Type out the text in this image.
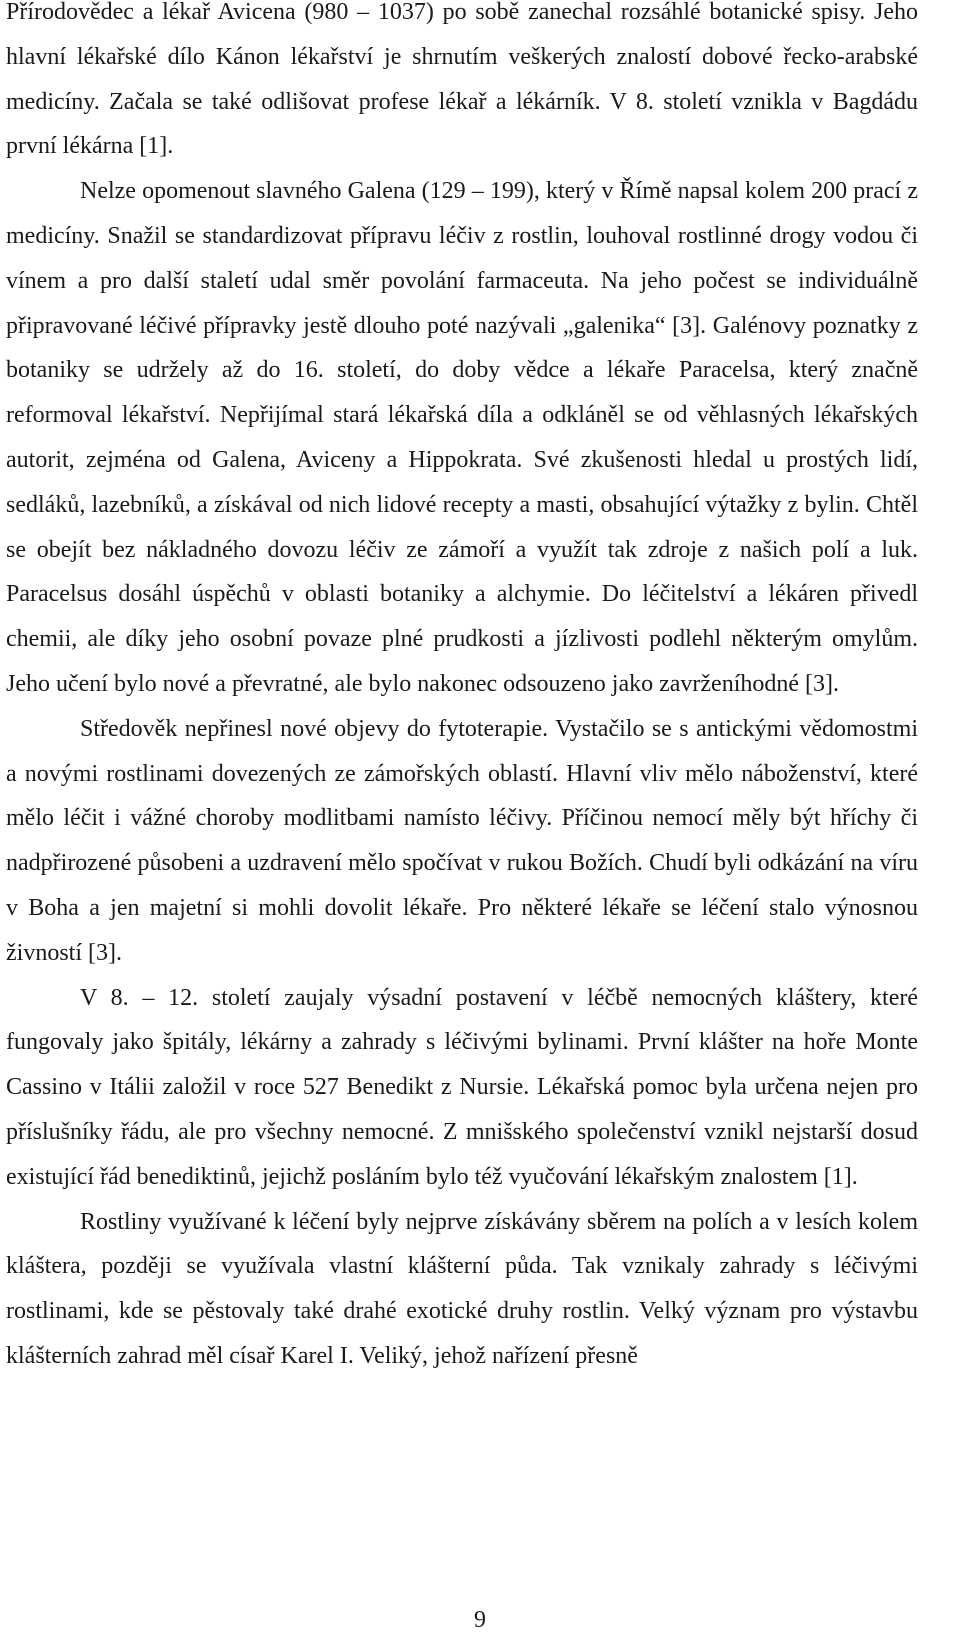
Přírodovědec a lékař Avicena (980 – 1037) po sobě zanechal rozsáhlé botanické spisy. Jeho hlavní lékařské dílo Kánon lékařství je shrnutím veškerých znalostí dobové řecko-arabské medicíny. Začala se také odlišovat profese lékař a lékárník. V 8. století vznikla v Bagdádu první lékárna [1].

Nelze opomenout slavného Galena (129 – 199), který v Římě napsal kolem 200 prací z medicíny. Snažil se standardizovat přípravu léčiv z rostlin, louhoval rostlinné drogy vodou či vínem a pro další staletí udal směr povolání farmaceuta. Na jeho počest se individuálně připravované léčivé přípravky jestě dlouho poté nazývali „galenika“ [3]. Galénovy poznatky z botaniky se udržely až do 16. století, do doby vědce a lékaře Paracelsa, který značně reformoval lékařství. Nepřijímal stará lékařská díla a odkláněl se od věhlasných lékařských autorit, zejména od Galena, Aviceny a Hippokrata. Své zkušenosti hledal u prostých lidí, sedláků, lazebníků, a získával od nich lidové recepty a masti, obsahující výtažky z bylin. Chtěl se obejít bez nákladného dovozu léčiv ze zámoří a využít tak zdroje z našich polí a luk. Paracelsus dosáhl úspěchů v oblasti botaniky a alchymie. Do léčitelství a lékáren přivedl chemii, ale díky jeho osobní povaze plné prudkosti a jízlivosti podlehl některým omylům. Jeho učení bylo nové a převratné, ale bylo nakonec odsouzeno jako zavrženíhodné [3].

Středověk nepřinesl nové objevy do fytoterapie. Vystačilo se s antickými vědomostmi a novými rostlinami dovezených ze zámořských oblastí. Hlavní vliv mělo náboženství, které mělo léčit i vážné choroby modlitbami namísto léčivy. Příčinou nemocí měly být hříchy či nadpřirozené působeni a uzdravení mělo spočívat v rukou Božích. Chudí byli odkázání na víru v Boha a jen majetní si mohli dovolit lékaře. Pro některé lékaře se léčení stalo výnosnou živností [3].

V 8. – 12. století zaujaly výsadní postavení v léčbě nemocných kláštery, které fungovaly jako špitály, lékárny a zahrady s léčivými bylinami. První klášter na hoře Monte Cassino v Itálii založil v roce 527 Benedikt z Nursie. Lékařská pomoc byla určena nejen pro příslušníky řádu, ale pro všechny nemocné. Z mnišského společenství vznikl nejstarší dosud existující řád benediktinů, jejichž posláním bylo též vyučování lékařským znalostem [1].

Rostliny využívané k léčení byly nejprve získávány sběrem na polích a v lesích kolem kláštera, později se využívala vlastní klášterní půda. Tak vznikaly zahrady s léčivými rostlinami, kde se pěstovaly také drahé exotické druhy rostlin. Velký význam pro výstavbu klášterních zahrad měl císař Karel I. Veliký, jehož nařízení přesně

9
